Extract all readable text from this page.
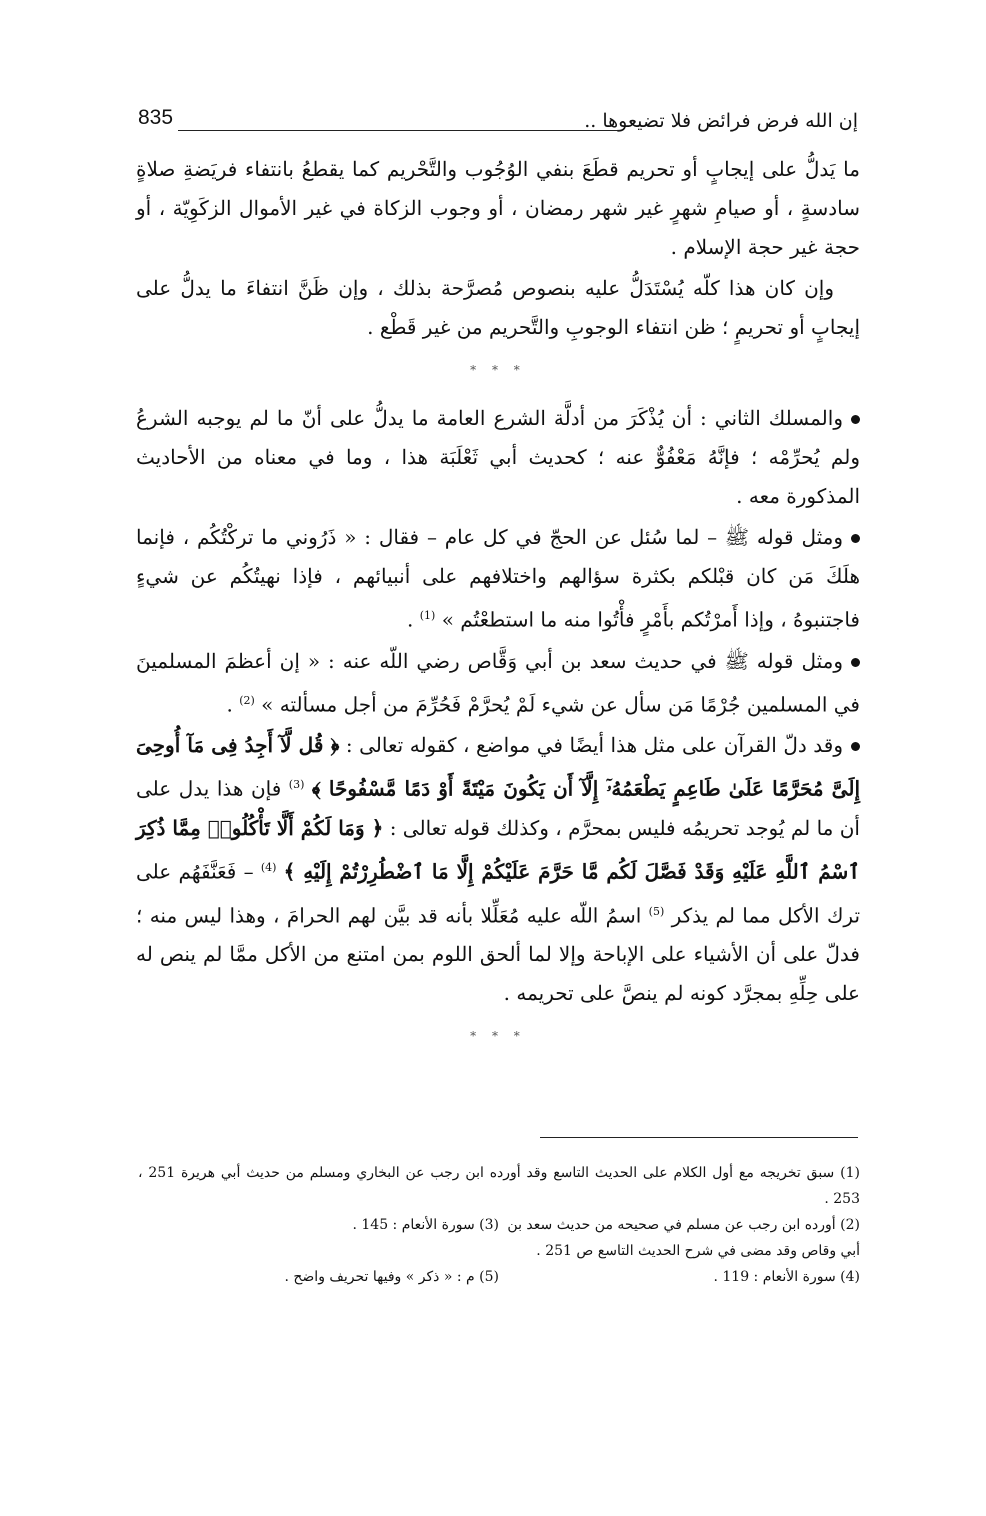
إن الله فرض فرائض فلا تضيعوها ..
835

ما يَدلُّ على إيجابٍ أو تحريم قطَعَ بنفي الوُجُوب والتَّحْريم كما يقطعُ بانتفاء فريَضةِ صلاةٍ سادسةٍ ، أو صيامِ شهرٍ غير شهر رمضان ، أو وجوب الزكاة في غير الأموال الزكَوِيّة ، أو حجة غير حجة الإسلام .

وإن كان هذا كلّه يُسْتَدَلُّ عليه بنصوص مُصرَّحة بذلك ، وإن ظَنَّ انتفاءَ ما يدلُّ على إيجابٍ أو تحريمٍ ؛ ظن انتفاء الوجوبِ والتَّحريم من غير قَطْع .

* * *

والمسلك الثاني : أن يُذْكَرَ من أدلَّة الشرع العامة ما يدلُّ على أنّ ما لم يوجبه الشرعُ ولم يُحرِّمْه ؛ فإنَّهُ مَعْفُوٌّ عنه ؛ كحديث أبي ثَعْلَبَة هذا ، وما في معناه من الأحاديث المذكورة معه .

ومثل قوله ﷺ – لما سُئل عن الحجّ في كل عام – فقال : « ذَرُوني ما تركْتُكُم ، فإنما هلَكَ مَن كان قبْلكم بكثرة سؤالهم واختلافهم على أنبيائهم ، فإذا نهيتُكُم عن شيءٍ فاجتنبوهُ ، وإذا أَمرْتُكم بأَمْرٍ فأْتُوا منه ما استطعْتُم » $^{(1)}$ .

ومثل قوله ﷺ في حديث سعد بن أبي وَقَّاص رضي اللّه عنه : « إن أعظمَ المسلمينَ في المسلمين جُرْمًا مَن سأل عن شيء لَمْ يُحرَّمْ فَحُرِّمَ من أجل مسألته » $^{(2)}$ .

وقد دلّ القرآن على مثل هذا أيضًا في مواضع ، كقوله تعالى : ﴿ قُل لَّآ أَجِدُ فِى مَآ أُوحِىَ إِلَىَّ مُحَرَّمًا عَلَىٰ طَاعِمٍ يَطْعَمُهُۥٓ إِلَّآ أَن يَكُونَ مَيْتَةً أَوْ دَمًا مَّسْفُوحًا ﴾ $^{(3)}$ فإن هذا يدل على أن ما لم يُوجد تحريمُه فليس بمحرَّم ، وكذلك قوله تعالى : ﴿ وَمَا لَكُمْ أَلَّا تَأْكُلُوا۟ مِمَّا ذُكِرَ ٱسْمُ ٱللَّهِ عَلَيْهِ وَقَدْ فَصَّلَ لَكُم مَّا حَرَّمَ عَلَيْكُمْ إِلَّا مَا ٱضْطُرِرْتُمْ إِلَيْهِ ﴾ $^{(4)}$ – فَعَنَّفَهُم على ترك الأكل مما لم يذكر $^{(5)}$ اسمُ اللّه عليه مُعَلِّلا بأنه قد بيَّن لهم الحرامَ ، وهذا ليس منه ؛ فدلّ على أن الأشياء على الإباحة وإلا لما ألحق اللوم بمن امتنع من الأكل ممَّا لم ينص له على حِلِّهِ بمجرَّد كونه لم ينصَّ على تحريمه .

* * *
(1) سبق تخريجه مع أول الكلام على الحديث التاسع وقد أورده ابن رجب عن البخاري ومسلم من حديث أبي هريرة 251 ، 253 .
(2) أورده ابن رجب عن مسلم في صحيحه من حديث سعد بن أبي وقاص وقد مضى في شرح الحديث التاسع ص 251 .
(3) سورة الأنعام : 145 .
(4) سورة الأنعام : 119 .
(5) م : « ذكر » وفيها تحريف واضح .
